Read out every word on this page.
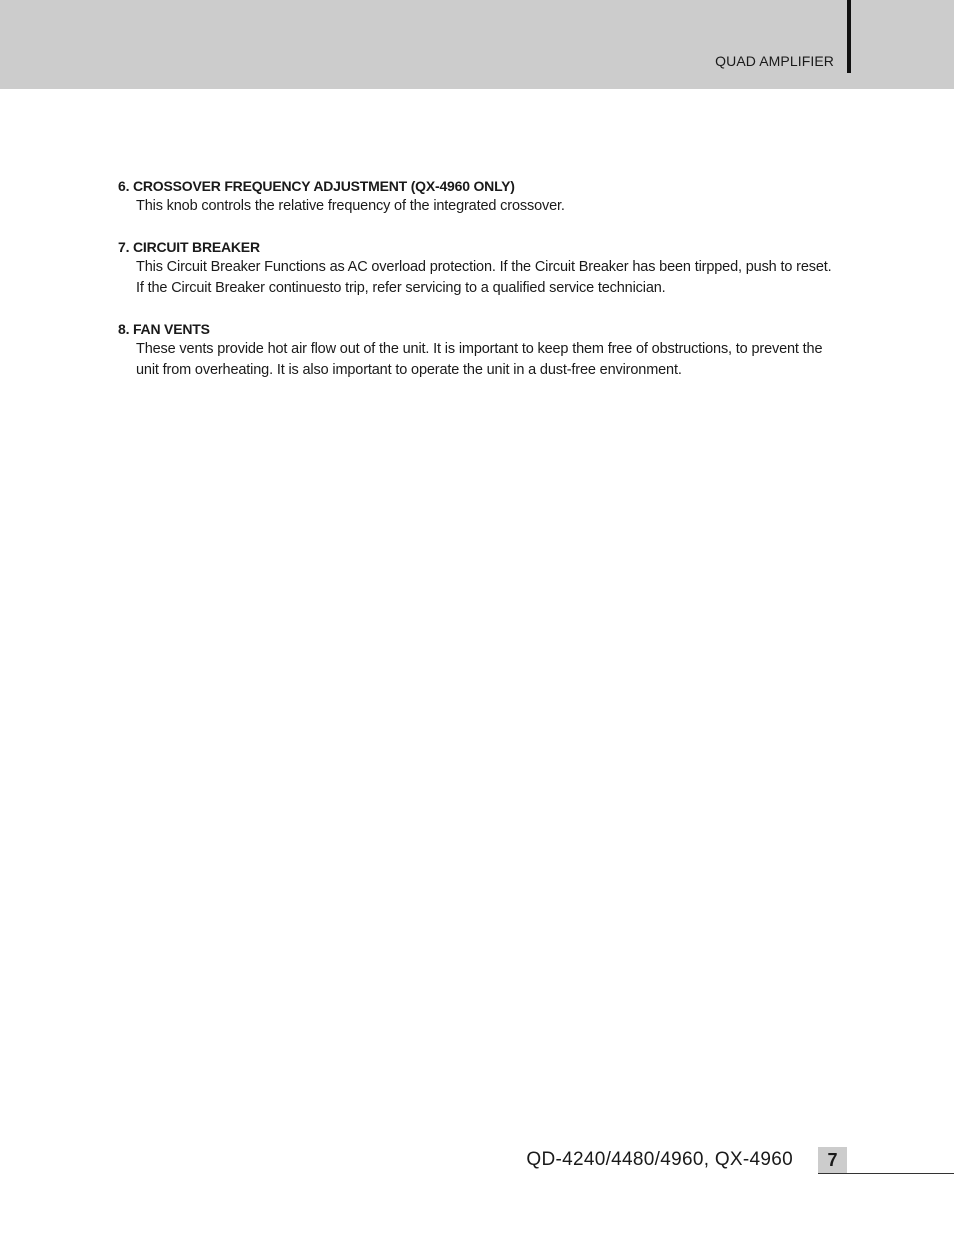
QUAD AMPLIFIER
6. CROSSOVER FREQUENCY ADJUSTMENT (QX-4960 ONLY)

This knob controls the relative frequency of the integrated crossover.

7. CIRCUIT BREAKER

This Circuit Breaker Functions as AC overload protection. If the Circuit Breaker has been tirpped, push to reset.

If the Circuit Breaker continuesto trip, refer servicing to a qualified service technician.

8. FAN VENTS

These vents provide hot air flow out of the unit. It is important to keep them free of obstructions, to prevent the

unit from overheating. It is also important to operate the unit in a dust-free environment.

QD-4240/4480/4960, QX-4960	7
